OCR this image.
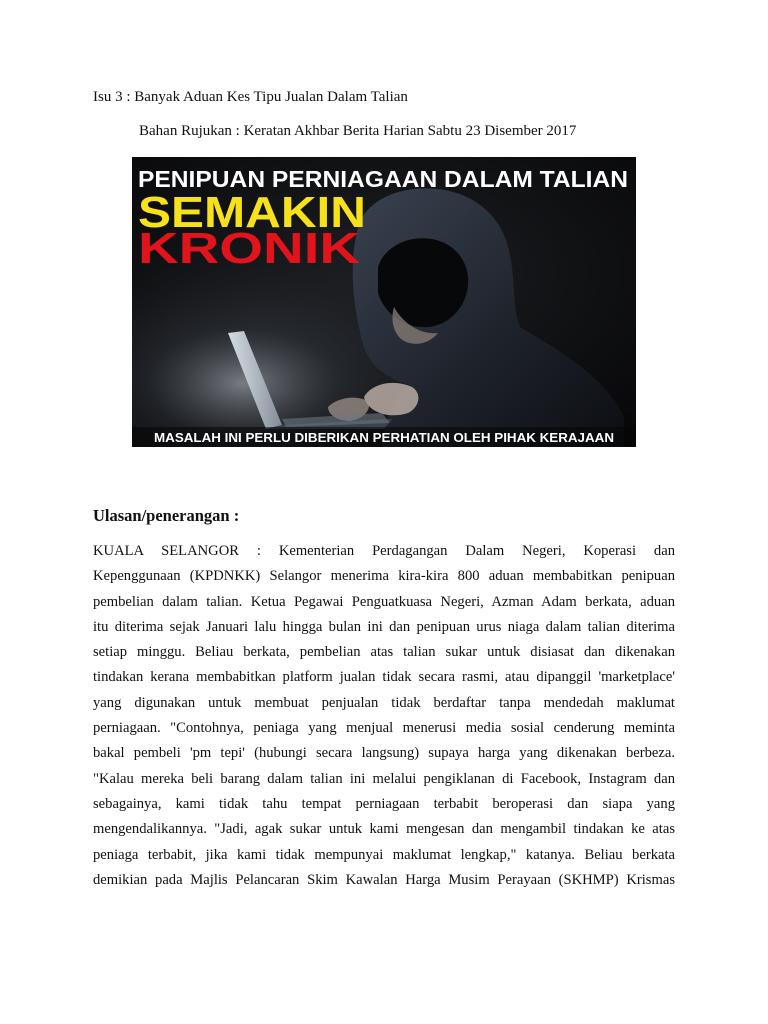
Isu 3 : Banyak Aduan Kes Tipu Jualan Dalam Talian
Bahan Rujukan : Keratan Akhbar Berita Harian Sabtu 23 Disember 2017
PENIPUAN PERNIAGAAN DALAM TALIAN
SEMAKIN
KRONIK
MASALAH INI PERLU DIBERIKAN PERHATIAN OLEH PIHAK KERAJAAN
Ulasan/penerangan :
KUALA SELANGOR : Kementerian Perdagangan Dalam Negeri, Koperasi dan
Kepenggunaan (KPDNKK) Selangor menerima kira-kira 800 aduan membabitkan penipuan
pembelian dalam talian. Ketua Pegawai Penguatkuasa Negeri, Azman Adam berkata, aduan
itu diterima sejak Januari lalu hingga bulan ini dan penipuan urus niaga dalam talian diterima
setiap minggu. Beliau berkata, pembelian atas talian sukar untuk disiasat dan dikenakan
tindakan kerana membabitkan platform jualan tidak secara rasmi, atau dipanggil 'marketplace'
yang digunakan untuk membuat penjualan tidak berdaftar tanpa mendedah maklumat
perniagaan. "Contohnya, peniaga yang menjual menerusi media sosial cenderung meminta
bakal pembeli 'pm tepi' (hubungi secara langsung) supaya harga yang dikenakan berbeza.
"Kalau mereka beli barang dalam talian ini melalui pengiklanan di Facebook, Instagram dan
sebagainya, kami tidak tahu tempat perniagaan terbabit beroperasi dan siapa yang
mengendalikannya. "Jadi, agak sukar untuk kami mengesan dan mengambil tindakan ke atas
peniaga terbabit, jika kami tidak mempunyai maklumat lengkap," katanya. Beliau berkata
demikian pada Majlis Pelancaran Skim Kawalan Harga Musim Perayaan (SKHMP) Krismas
